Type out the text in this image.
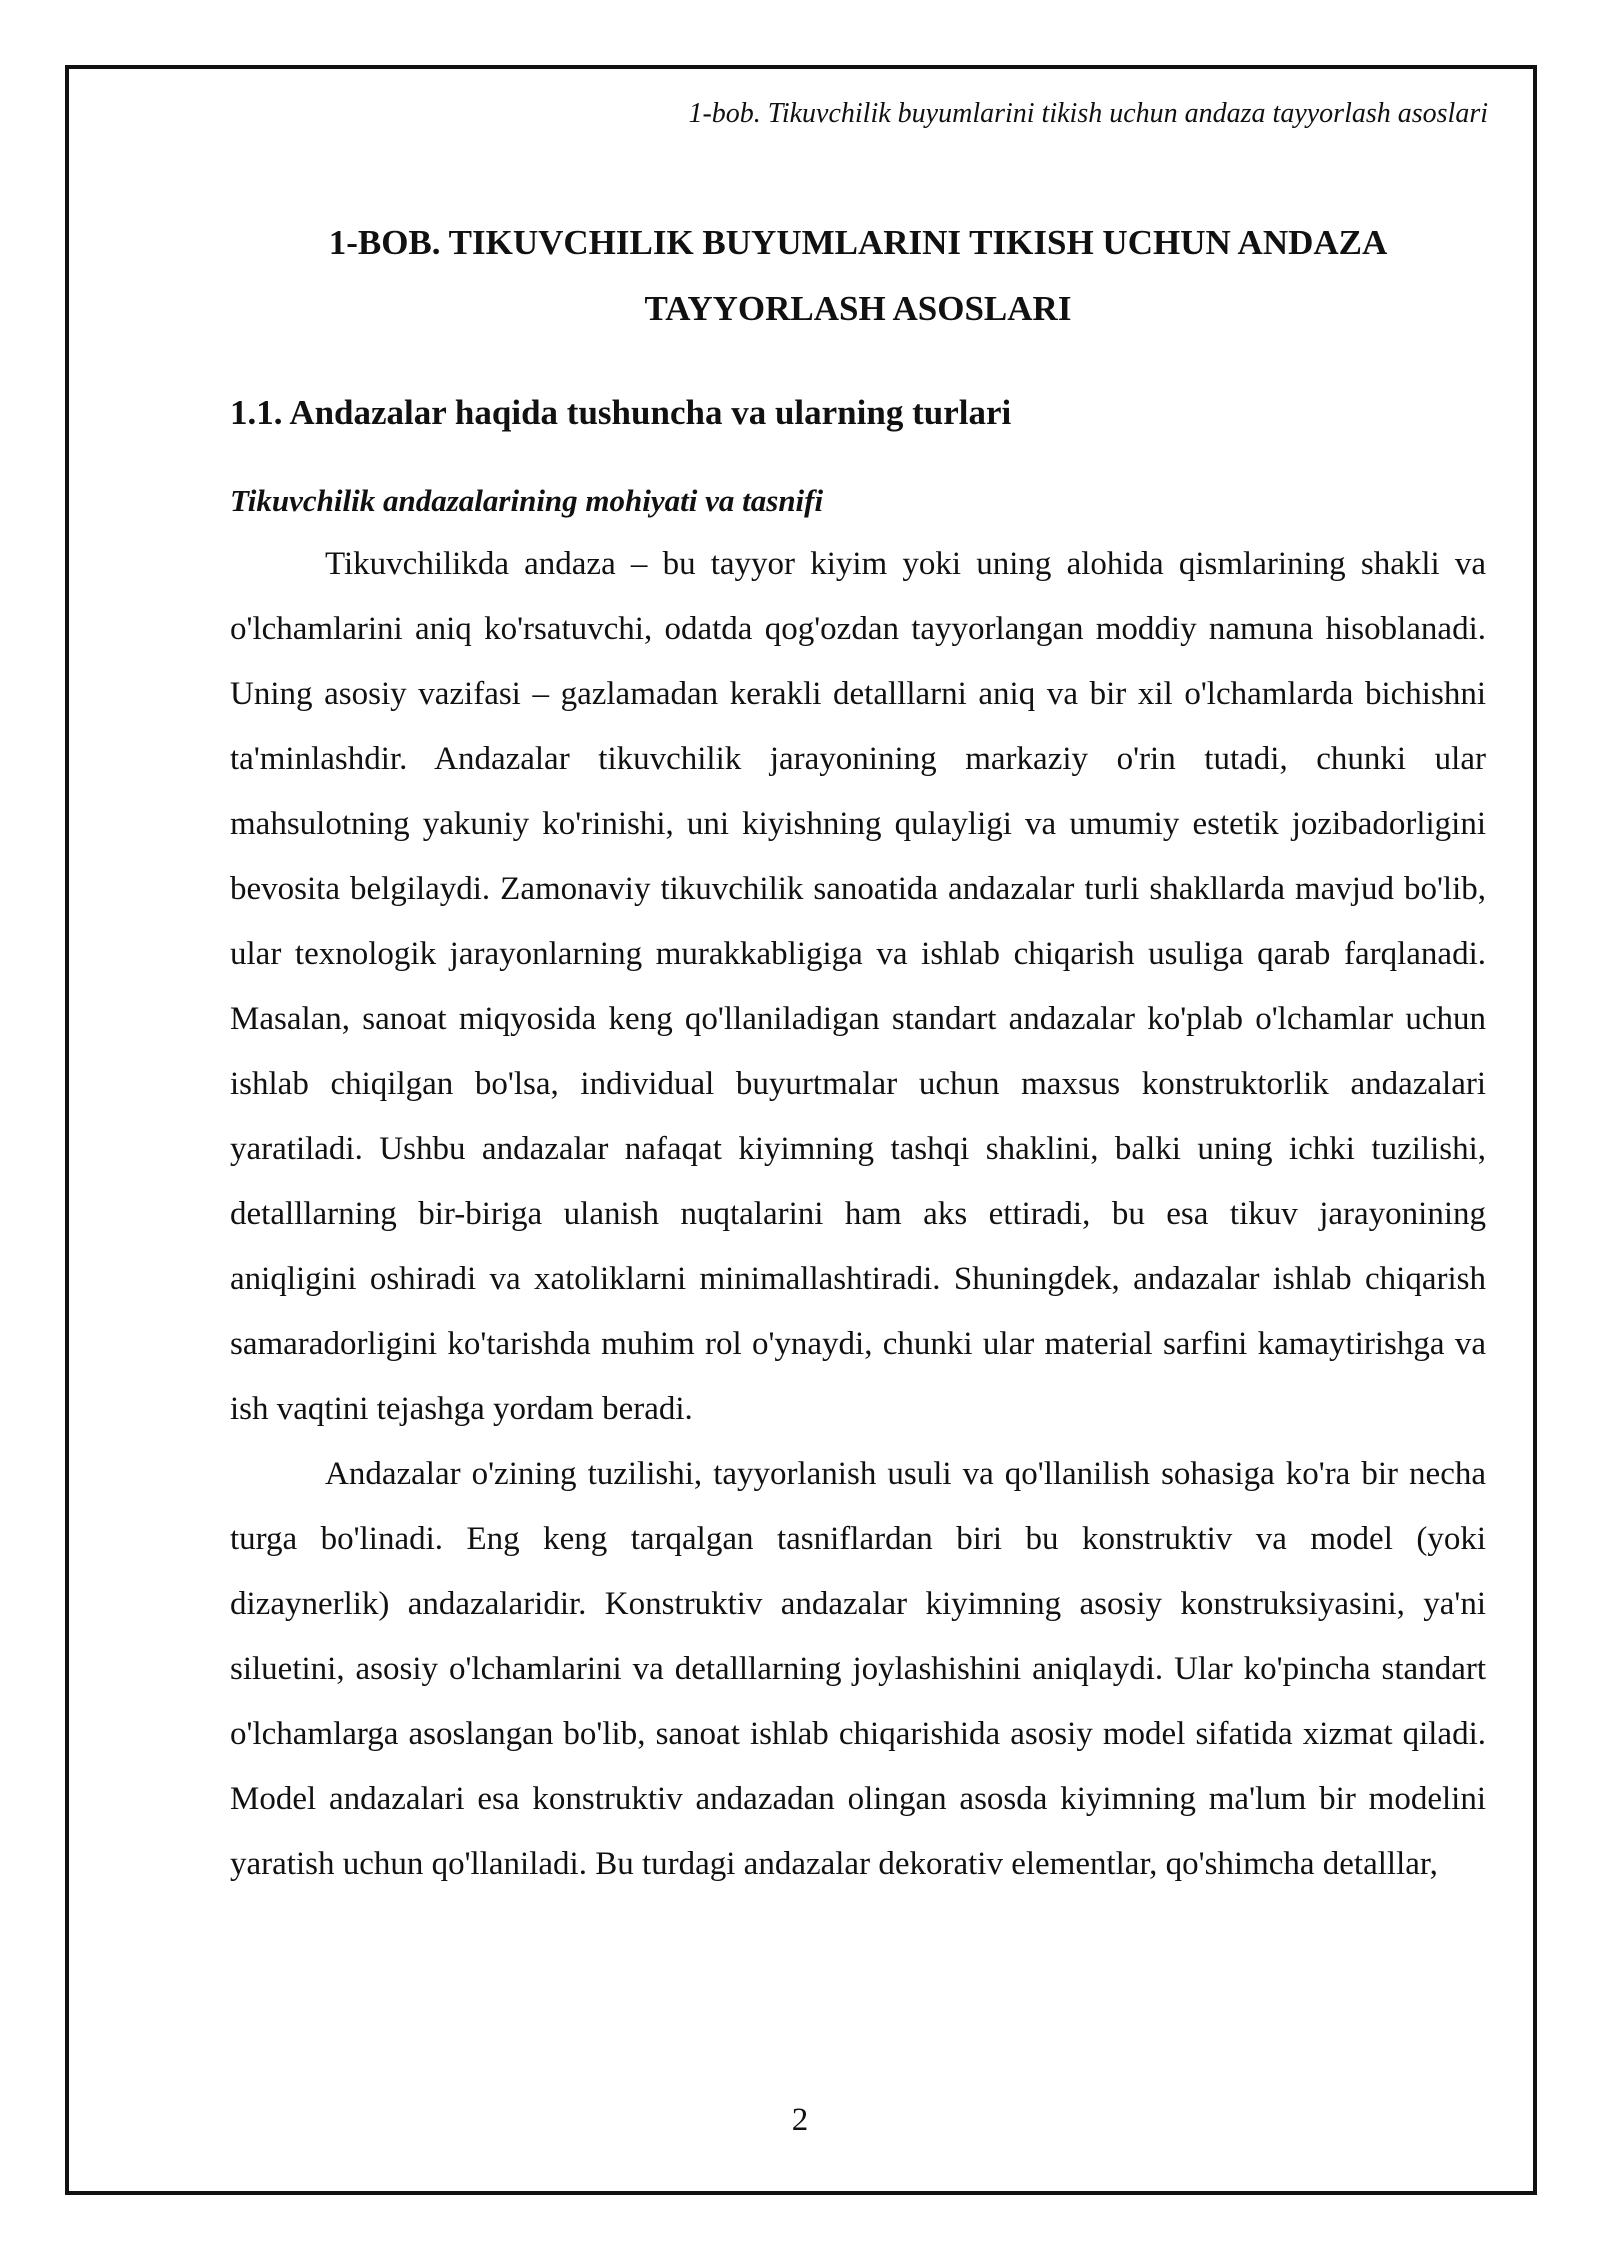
1-bob. Tikuvchilik buyumlarini tikish uchun andaza tayyorlash asoslari
1-BOB. TIKUVCHILIK BUYUMLARINI TIKISH UCHUN ANDAZA TAYYORLASH ASOSLARI
1.1. Andazalar haqida tushuncha va ularning turlari
Tikuvchilik andazalarining mohiyati va tasnifi

Tikuvchilikda andaza – bu tayyor kiyim yoki uning alohida qismlarining shakli va o'lchamlarini aniq ko'rsatuvchi, odatda qog'ozdan tayyorlangan moddiy namuna hisoblanadi. Uning asosiy vazifasi – gazlamadan kerakli detalllarni aniq va bir xil o'lchamlarda bichishni ta'minlashdir. Andazalar tikuvchilik jarayonining markaziy o'rin tutadi, chunki ular mahsulotning yakuniy ko'rinishi, uni kiyishning qulayligi va umumiy estetik jozibadorligini bevosita belgilaydi. Zamonaviy tikuvchilik sanoatida andazalar turli shakllarda mavjud bo'lib, ular texnologik jarayonlarning murakkabligiga va ishlab chiqarish usuliga qarab farqlanadi. Masalan, sanoat miqyosida keng qo'llaniladigan standart andazalar ko'plab o'lchamlar uchun ishlab chiqilgan bo'lsa, individual buyurtmalar uchun maxsus konstruktorlik andazalari yaratiladi. Ushbu andazalar nafaqat kiyimning tashqi shaklini, balki uning ichki tuzilishi, detalllarning bir-biriga ulanish nuqtalarini ham aks ettiradi, bu esa tikuv jarayonining aniqligini oshiradi va xatoliklarni minimallashtiradi. Shuningdek, andazalar ishlab chiqarish samaradorligini ko'tarishda muhim rol o'ynaydi, chunki ular material sarfini kamaytirishga va ish vaqtini tejashga yordam beradi.

Andazalar o'zining tuzilishi, tayyorlanish usuli va qo'llanilish sohasiga ko'ra bir necha turga bo'linadi. Eng keng tarqalgan tasniflardan biri bu konstruktiv va model (yoki dizaynerlik) andazalaridir. Konstruktiv andazalar kiyimning asosiy konstruksiyasini, ya'ni siluetini, asosiy o'lchamlarini va detalllarning joylashishini aniqlaydi. Ular ko'pincha standart o'lchamlarga asoslangan bo'lib, sanoat ishlab chiqarishida asosiy model sifatida xizmat qiladi. Model andazalari esa konstruktiv andazadan olingan asosda kiyimning ma'lum bir modelini yaratish uchun qo'llaniladi. Bu turdagi andazalar dekorativ elementlar, qo'shimcha detalllar,

2
